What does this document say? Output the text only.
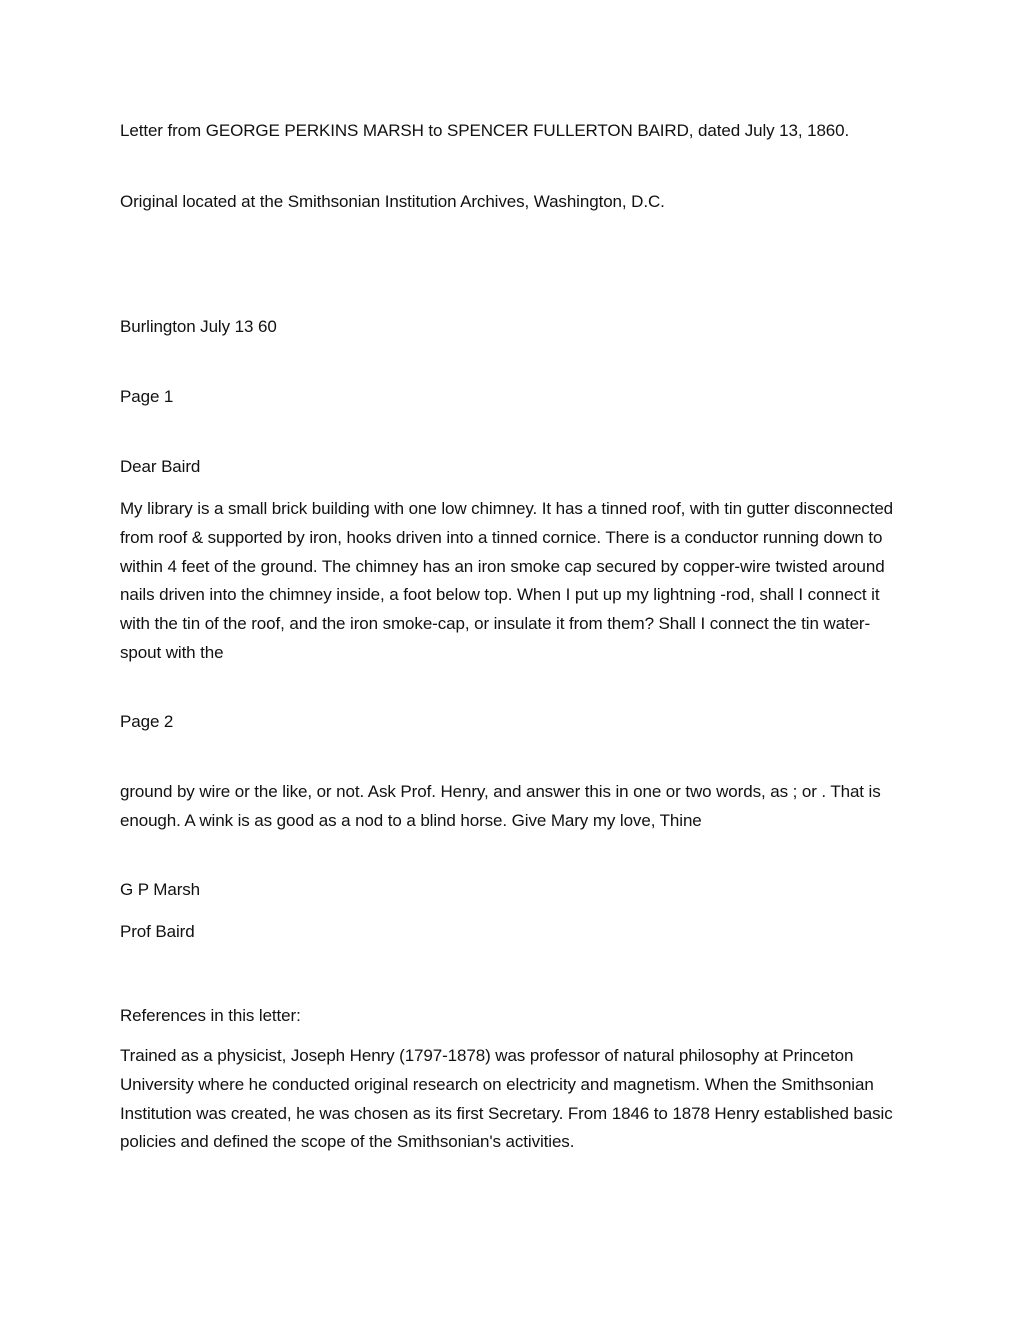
Letter from GEORGE PERKINS MARSH to SPENCER FULLERTON BAIRD, dated July 13, 1860.

Original located at the Smithsonian Institution Archives, Washington, D.C.

Burlington July 13 60

Page 1

Dear Baird

My library is a small brick building with one low chimney. It has a tinned roof, with tin gutter disconnected from roof & supported by iron, hooks driven into a tinned cornice. There is a conductor running down to within 4 feet of the ground. The chimney has an iron smoke cap secured by copper-wire twisted around nails driven into the chimney inside, a foot below top. When I put up my lightning -rod, shall I connect it with the tin of the roof, and the iron smoke-cap, or insulate it from them? Shall I connect the tin water-spout with the

Page 2

ground by wire or the like, or not. Ask Prof. Henry, and answer this in one or two words, as ; or . That is enough. A wink is as good as a nod to a blind horse. Give Mary my love, Thine

G P Marsh

Prof Baird

References in this letter:

Trained as a physicist, Joseph Henry (1797-1878) was professor of natural philosophy at Princeton University where he conducted original research on electricity and magnetism. When the Smithsonian Institution was created, he was chosen as its first Secretary. From 1846 to 1878 Henry established basic policies and defined the scope of the Smithsonian's activities.
